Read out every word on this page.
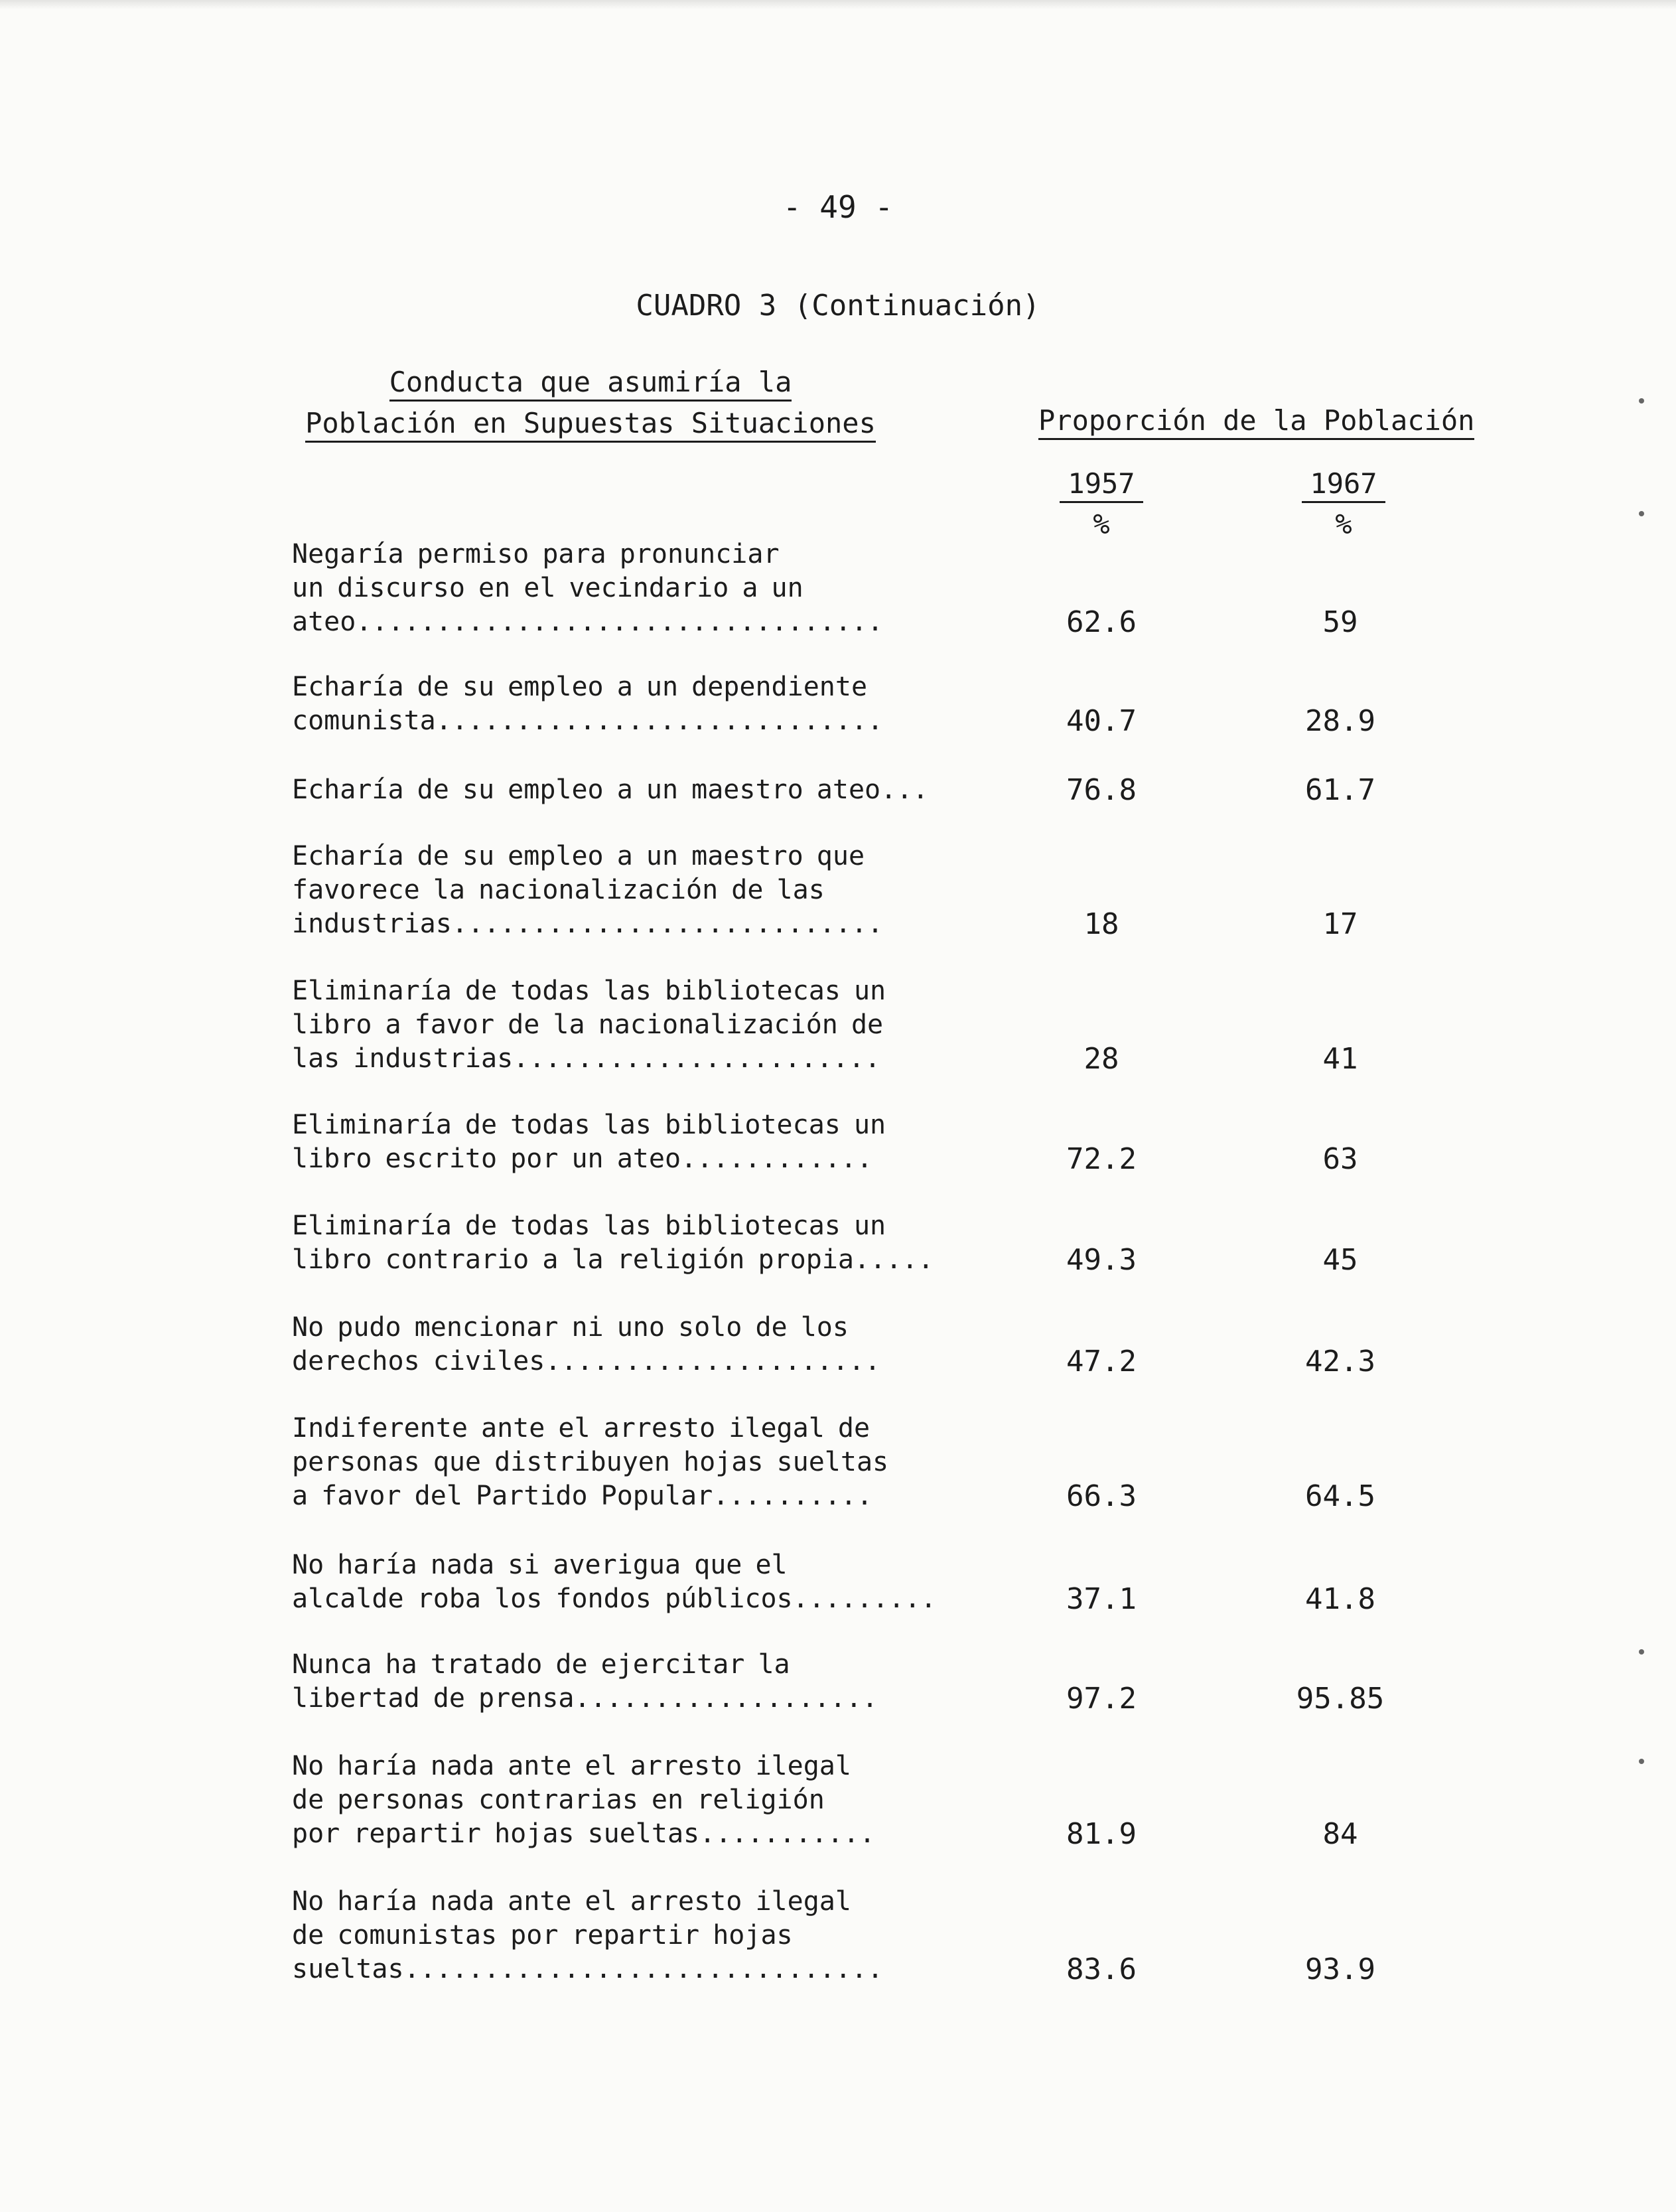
- 49 -
CUADRO 3 (Continuación)
Conducta que asumiría la
Población en Supuestas Situaciones	Proporción de la Población
1957
%
1967
%
Negaría permiso para pronunciar
un discurso en el vecindario a un
ateo.................................	62.6	59
Echaría de su empleo a un dependiente
comunista............................	40.7	28.9
Echaría de su empleo a un maestro ateo...	76.8	61.7
Echaría de su empleo a un maestro que
favorece la nacionalización de las
industrias...........................	18	17
Eliminaría de todas las bibliotecas un
libro a favor de la nacionalización de
las industrias.......................	28	41
Eliminaría de todas las bibliotecas un
libro escrito por un ateo............	72.2	63
Eliminaría de todas las bibliotecas un
libro contrario a la religión propia.....	49.3	45
No pudo mencionar ni uno solo de los
derechos civiles.....................	47.2	42.3
Indiferente ante el arresto ilegal de
personas que distribuyen hojas sueltas
a favor del Partido Popular..........	66.3	64.5
No haría nada si averigua que el
alcalde roba los fondos públicos.........	37.1	41.8
Nunca ha tratado de ejercitar la
libertad de prensa...................	97.2	95.85
No haría nada ante el arresto ilegal
de personas contrarias en religión
por repartir hojas sueltas...........	81.9	84
No haría nada ante el arresto ilegal
de comunistas por repartir hojas
sueltas..............................	83.6	93.9
